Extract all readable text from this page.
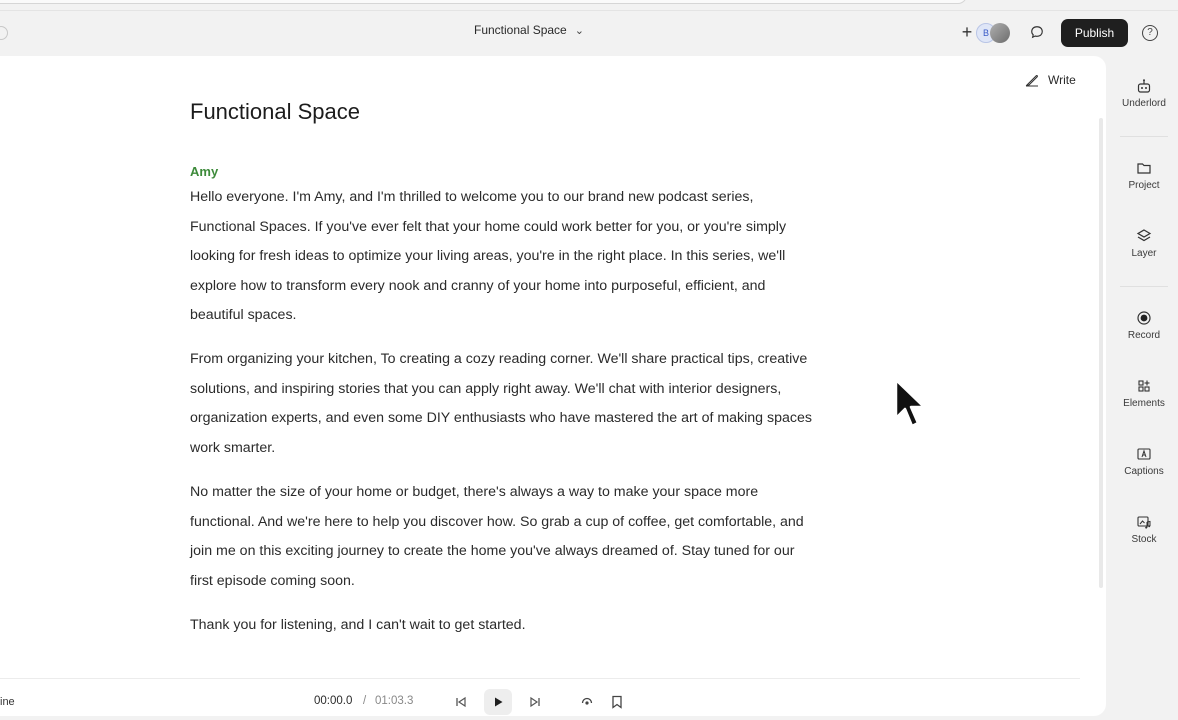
Functional Space ⌄	+	B	Publish	?
Write
Functional Space
Amy

Hello everyone. I'm Amy, and I'm thrilled to welcome you to our brand new podcast series, Functional Spaces. If you've ever felt that your home could work better for you, or you're simply looking for fresh ideas to optimize your living areas, you're in the right place. In this series, we'll explore how to transform every nook and cranny of your home into purposeful, efficient, and beautiful spaces.

From organizing your kitchen, To creating a cozy reading corner. We'll share practical tips, creative solutions, and inspiring stories that you can apply right away. We'll chat with interior designers, organization experts, and even some DIY enthusiasts who have mastered the art of making spaces work smarter.

No matter the size of your home or budget, there's always a way to make your space more functional. And we're here to help you discover how. So grab a cup of coffee, get comfortable, and join me on this exciting journey to create the home you've always dreamed of. Stay tuned for our first episode coming soon.

Thank you for listening, and I can't wait to get started.

ine	00:00.0 / 01:03.3
Underlord
Project
Layer
Record
Elements
Captions
Stock
